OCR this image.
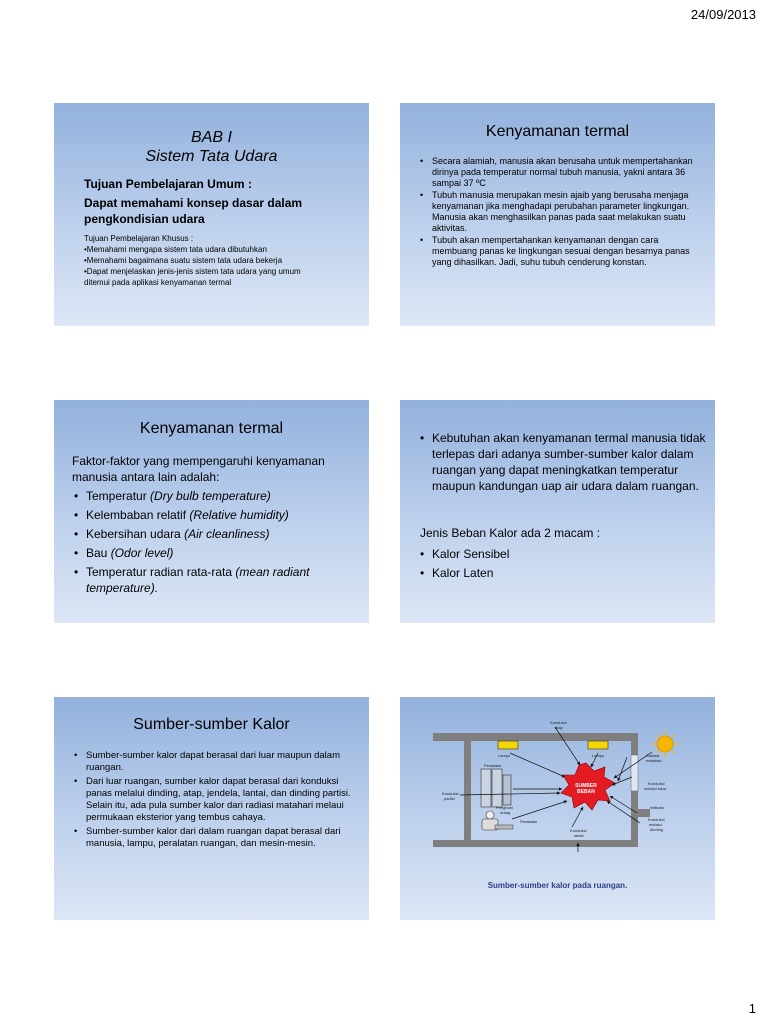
24/09/2013
BAB I
Sistem Tata Udara
Tujuan Pembelajaran Umum :
Dapat memahami konsep dasar dalam pengkondisian udara
Tujuan Pembelajaran Khusus :
•Memahami mengapa sistem tata udara dibutuhkan
•Memahami bagaimana suatu sistem tata udara bekerja
•Dapat menjelaskan jenis-jenis sistem tata udara yang umum
ditemui pada aplikasi kenyamanan termal
Kenyamanan termal
• Secara alamiah, manusia akan berusaha untuk mempertahankan dirinya pada temperatur normal tubuh manusia, yakni antara 36 sampai 37 ºC
• Tubuh manusia merupakan mesin ajaib yang berusaha menjaga kenyamanan jika menghadapi perubahan parameter lingkungan. Manusia akan menghasilkan panas pada saat melakukan suatu aktivitas.
• Tubuh akan mempertahankan kenyamanan dengan cara membuang panas ke lingkungan sesuai dengan besarnya panas yang dihasilkan. Jadi, suhu tubuh cenderung konstan.
Kenyamanan termal
Faktor-faktor yang mempengaruhi kenyamanan manusia antara lain adalah:
• Temperatur (Dry bulb temperature)
• Kelembaban relatif (Relative humidity)
• Kebersihan udara (Air cleanliness)
• Bau (Odor level)
• Temperatur radian rata-rata (mean radiant temperature).
• Kebutuhan akan kenyamanan termal manusia tidak terlepas dari adanya sumber-sumber kalor dalam ruangan yang dapat meningkatkan temperatur maupun kandungan uap air udara dalam ruangan.
Jenis Beban Kalor ada 2 macam :
• Kalor Sensibel
• Kalor Laten
Sumber-sumber Kalor
• Sumber-sumber kalor dapat berasal dari luar maupun dalam ruangan.
• Dari luar ruangan, sumber kalor dapat berasal dari konduksi panas melalui dinding, atap, jendela, lantai, dan dinding partisi. Selain itu, ada pula sumber kalor dari radiasi matahari melaui permukaan eksterior yang tembus cahaya.
• Sumber-sumber kalor dari dalam ruangan dapat berasal dari manusia, lampu, peralatan ruangan, dan mesin-mesin.
SUMBER
BEBAN
Konduksi
atap
Lampu	Lampu
Peralatan
Radiasi
matahari
Konduksi
melalui kaca
Konduksi
partisi
Penghuni
orang
Peralatan
Infiltrasi
Konduksi
melalui
dinding
Konduksi
lantai
Sumber-sumber kalor pada ruangan.
1
